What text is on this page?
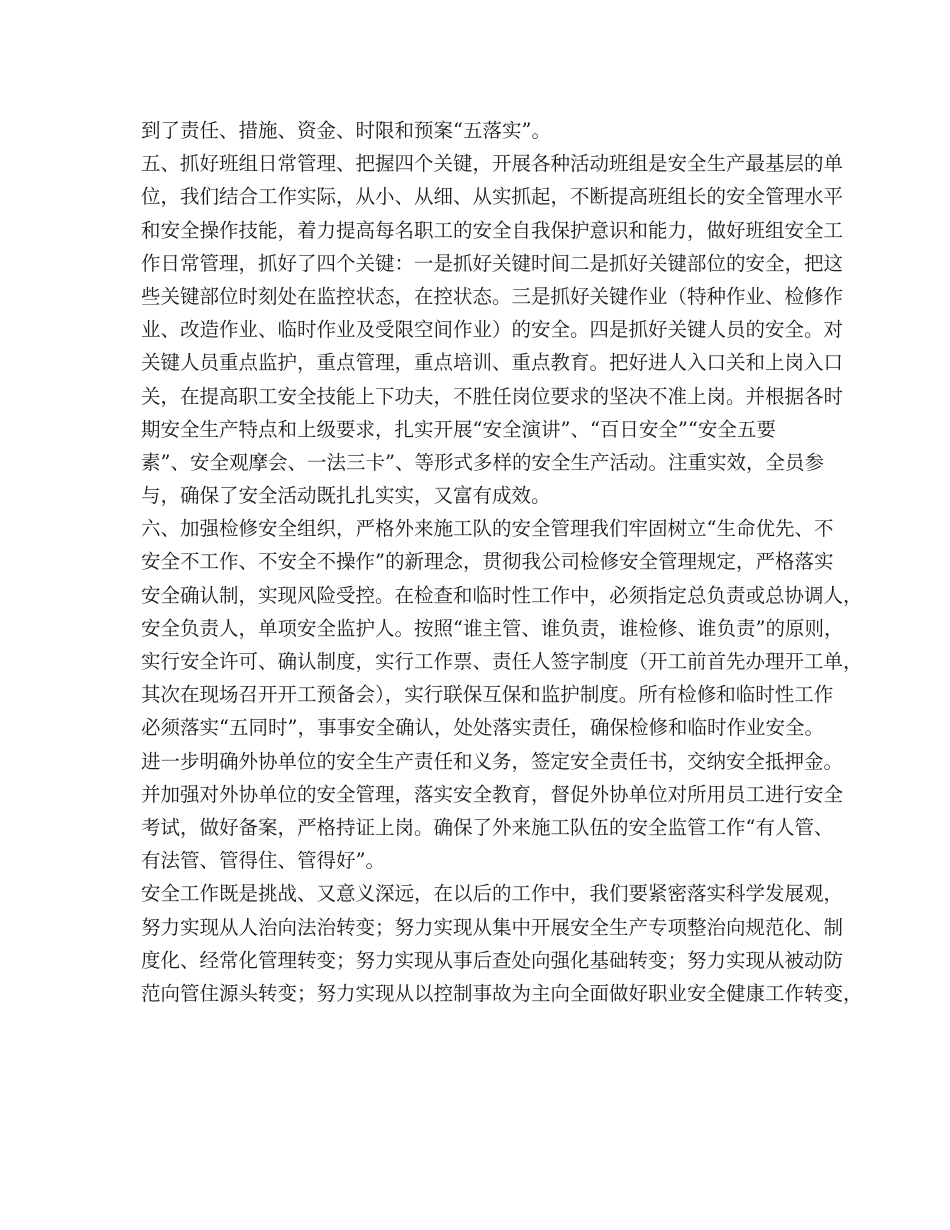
到了责任、措施、资金、时限和预案“五落实”。
五、抓好班组日常管理、把握四个关键，开展各种活动班组是安全生产最基层的单
位，我们结合工作实际，从小、从细、从实抓起，不断提高班组长的安全管理水平
和安全操作技能，着力提高每名职工的安全自我保护意识和能力，做好班组安全工
作日常管理，抓好了四个关键：一是抓好关键时间二是抓好关键部位的安全，把这
些关键部位时刻处在监控状态，在控状态。三是抓好关键作业（特种作业、检修作
业、改造作业、临时作业及受限空间作业）的安全。四是抓好关键人员的安全。对
关键人员重点监护，重点管理，重点培训、重点教育。把好进人入口关和上岗入口
关，在提高职工安全技能上下功夫，不胜任岗位要求的坚决不准上岗。并根据各时
期安全生产特点和上级要求，扎实开展“安全演讲”、“百日安全”“安全五要
素”、安全观摩会、一法三卡”、等形式多样的安全生产活动。注重实效，全员参
与，确保了安全活动既扎扎实实，又富有成效。
六、加强检修安全组织，严格外来施工队的安全管理我们牢固树立“生命优先、不
安全不工作、不安全不操作”的新理念，贯彻我公司检修安全管理规定，严格落实
安全确认制，实现风险受控。在检查和临时性工作中，必须指定总负责或总协调人，
安全负责人，单项安全监护人。按照“谁主管、谁负责，谁检修、谁负责”的原则，
实行安全许可、确认制度，实行工作票、责任人签字制度（开工前首先办理开工单，
其次在现场召开开工预备会），实行联保互保和监护制度。所有检修和临时性工作
必须落实“五同时”，事事安全确认，处处落实责任，确保检修和临时作业安全。
进一步明确外协单位的安全生产责任和义务，签定安全责任书，交纳安全抵押金。
并加强对外协单位的安全管理，落实安全教育，督促外协单位对所用员工进行安全
考试，做好备案，严格持证上岗。确保了外来施工队伍的安全监管工作“有人管、
有法管、管得住、管得好”。
安全工作既是挑战、又意义深远，在以后的工作中，我们要紧密落实科学发展观，
努力实现从人治向法治转变；努力实现从集中开展安全生产专项整治向规范化、制
度化、经常化管理转变；努力实现从事后查处向强化基础转变；努力实现从被动防
范向管住源头转变；努力实现从以控制事故为主向全面做好职业安全健康工作转变，
